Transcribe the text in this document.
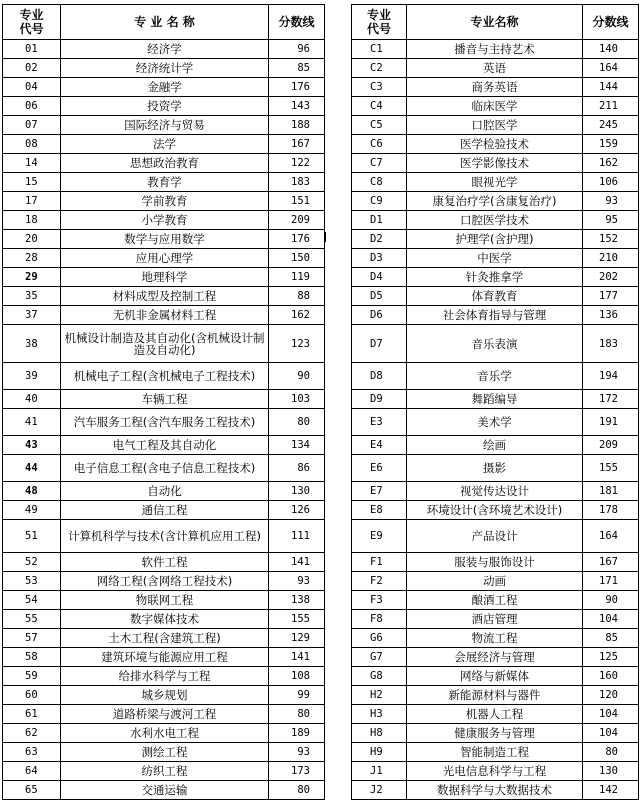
专业
代号	专 业 名 称	分数线
01	经济学	96
02	经济统计学	85
04	金融学	176
06	投资学	143
07	国际经济与贸易	188
08	法学	167
14	思想政治教育	122
15	教育学	183
17	学前教育	151
18	小学教育	209
20	数学与应用数学	176
28	应用心理学	150
29	地理科学	119
35	材料成型及控制工程	88
37	无机非金属材料工程	162
38	机械设计制造及其自动化(含机械设计制造及自动化)	123
39	机械电子工程(含机械电子工程技术)	90
40	车辆工程	103
41	汽车服务工程(含汽车服务工程技术)	80
43	电气工程及其自动化	134
44	电子信息工程(含电子信息工程技术)	86
48	自动化	130
49	通信工程	126
51	计算机科学与技术(含计算机应用工程)	111
52	软件工程	141
53	网络工程(含网络工程技术)	93
54	物联网工程	138
55	数字媒体技术	155
57	土木工程(含建筑工程)	129
58	建筑环境与能源应用工程	141
59	给排水科学与工程	108
60	城乡规划	99
61	道路桥梁与渡河工程	80
62	水利水电工程	189
63	测绘工程	93
64	纺织工程	173
65	交通运输	80
专业
代号	专业名称	分数线
C1	播音与主持艺术	140
C2	英语	164
C3	商务英语	144
C4	临床医学	211
C5	口腔医学	245
C6	医学检验技术	159
C7	医学影像技术	162
C8	眼视光学	106
C9	康复治疗学(含康复治疗)	93
D1	口腔医学技术	95
D2	护理学(含护理)	152
D3	中医学	210
D4	针灸推拿学	202
D5	体育教育	177
D6	社会体育指导与管理	136
D7	音乐表演	183
D8	音乐学	194
D9	舞蹈编导	172
E3	美术学	191
E4	绘画	209
E6	摄影	155
E7	视觉传达设计	181
E8	环境设计(含环境艺术设计)	178
E9	产品设计	164
F1	服装与服饰设计	167
F2	动画	171
F3	酿酒工程	90
F8	酒店管理	104
G6	物流工程	85
G7	会展经济与管理	125
G8	网络与新媒体	160
H2	新能源材料与器件	120
H3	机器人工程	104
H8	健康服务与管理	104
H9	智能制造工程	80
J1	光电信息科学与工程	130
J2	数据科学与大数据技术	142
